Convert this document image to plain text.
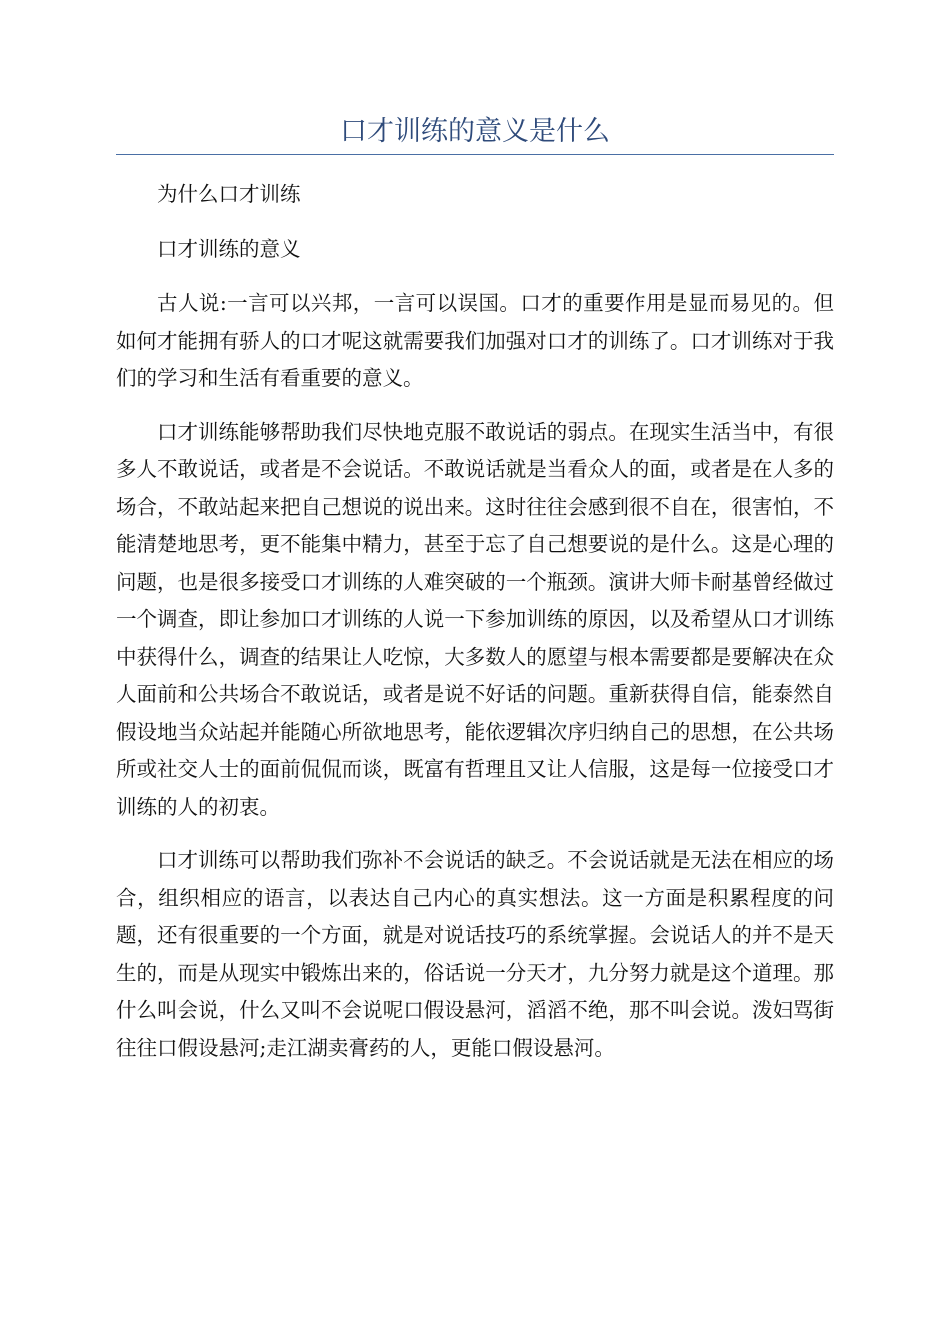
口才训练的意义是什么

为什么口才训练

口才训练的意义

古人说:一言可以兴邦，一言可以误国。口才的重要作用是显而易见的。但如何才能拥有骄人的口才呢这就需要我们加强对口才的训练了。口才训练对于我们的学习和生活有看重要的意义。

口才训练能够帮助我们尽快地克服不敢说话的弱点。在现实生活当中，有很多人不敢说话，或者是不会说话。不敢说话就是当看众人的面，或者是在人多的场合，不敢站起来把自己想说的说出来。这时往往会感到很不自在，很害怕，不能清楚地思考，更不能集中精力，甚至于忘了自己想要说的是什么。这是心理的问题，也是很多接受口才训练的人难突破的一个瓶颈。演讲大师卡耐基曾经做过一个调查，即让参加口才训练的人说一下参加训练的原因，以及希望从口才训练中获得什么，调查的结果让人吃惊，大多数人的愿望与根本需要都是要解决在众人面前和公共场合不敢说话，或者是说不好话的问题。重新获得自信，能泰然自假设地当众站起并能随心所欲地思考，能依逻辑次序归纳自己的思想，在公共场所或社交人士的面前侃侃而谈，既富有哲理且又让人信服，这是每一位接受口才训练的人的初衷。

口才训练可以帮助我们弥补不会说话的缺乏。不会说话就是无法在相应的场合，组织相应的语言，以表达自己内心的真实想法。这一方面是积累程度的问题，还有很重要的一个方面，就是对说话技巧的系统掌握。会说话人的并不是天生的，而是从现实中锻炼出来的，俗话说一分天才，九分努力就是这个道理。那什么叫会说，什么又叫不会说呢口假设悬河，滔滔不绝，那不叫会说。泼妇骂街往往口假设悬河;走江湖卖膏药的人，更能口假设悬河。
